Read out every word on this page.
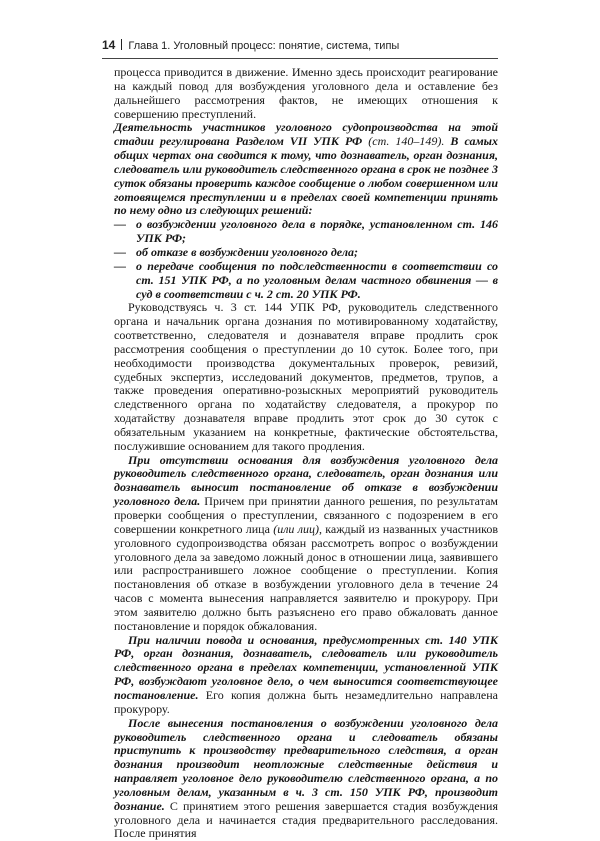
14 Глава 1. Уголовный процесс: понятие, система, типы

процесса приводится в движение. Именно здесь происходит реагирование на каждый повод для возбуждения уголовного дела и оставление без дальнейшего рассмотрения фактов, не имеющих отношения к совершению преступлений.

Деятельность участников уголовного судопроизводства на этой стадии регулирована Разделом VII УПК РФ (ст. 140–149). В самых общих чертах она сводится к тому, что дознаватель, орган дознания, следователь или руководитель следственного органа в срок не позднее 3 суток обязаны проверить каждое сообщение о любом совершенном или готовящемся преступлении и в пределах своей компетенции принять по нему одно из следующих решений:

— о возбуждении уголовного дела в порядке, установленном ст. 146 УПК РФ;
— об отказе в возбуждении уголовного дела;
— о передаче сообщения по подследственности в соответствии со ст. 151 УПК РФ, а по уголовным делам частного обвинения — в суд в соответствии с ч. 2 ст. 20 УПК РФ.

Руководствуясь ч. 3 ст. 144 УПК РФ, руководитель следственного органа и начальник органа дознания по мотивированному ходатайству, соответственно, следователя и дознавателя вправе продлить срок рассмотрения сообщения о преступлении до 10 суток. Более того, при необходимости производства документальных проверок, ревизий, судебных экспертиз, исследований документов, предметов, трупов, а также проведения оперативно-розыскных мероприятий руководитель следственного органа по ходатайству следователя, а прокурор по ходатайству дознавателя вправе продлить этот срок до 30 суток с обязательным указанием на конкретные, фактические обстоятельства, послужившие основанием для такого продления.

При отсутствии основания для возбуждения уголовного дела руководитель следственного органа, следователь, орган дознания или дознаватель выносит постановление об отказе в возбуждении уголовного дела. Причем при принятии данного решения, по результатам проверки сообщения о преступлении, связанного с подозрением в его совершении конкретного лица (или лиц), каждый из названных участников уголовного судопроизводства обязан рассмотреть вопрос о возбуждении уголовного дела за заведомо ложный донос в отношении лица, заявившего или распространившего ложное сообщение о преступлении. Копия постановления об отказе в возбуждении уголовного дела в течение 24 часов с момента вынесения направляется заявителю и прокурору. При этом заявителю должно быть разъяснено его право обжаловать данное постановление и порядок обжалования.

При наличии повода и основания, предусмотренных ст. 140 УПК РФ, орган дознания, дознаватель, следователь или руководитель следственного органа в пределах компетенции, установленной УПК РФ, возбуждают уголовное дело, о чем выносится соответствующее постановление. Его копия должна быть незамедлительно направлена прокурору.

После вынесения постановления о возбуждении уголовного дела руководитель следственного органа и следователь обязаны приступить к производству предварительного следствия, а орган дознания производит неотложные следственные действия и направляет уголовное дело руководителю следственного органа, а по уголовным делам, указанным в ч. 3 ст. 150 УПК РФ, производит дознание. С принятием этого решения завершается стадия возбуждения уголовного дела и начинается стадия предварительного расследования. После принятия
